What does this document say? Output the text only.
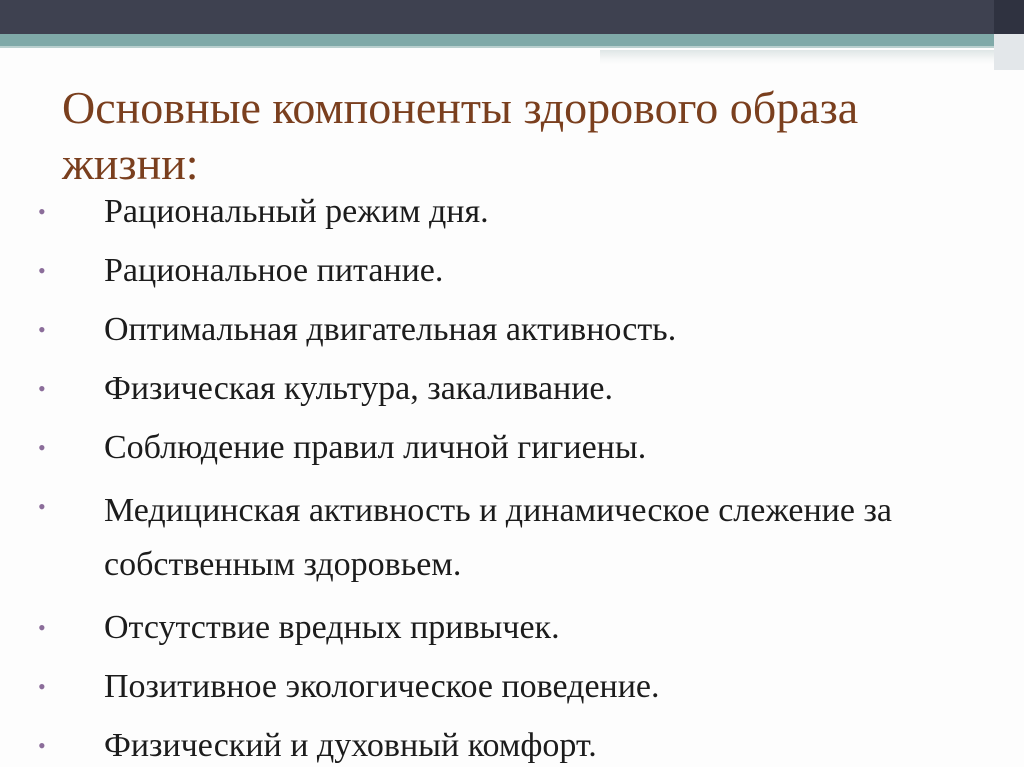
Основные компоненты здорового образа жизни:
•	Рациональный режим дня.
•	Рациональное питание.
•	Оптимальная двигательная активность.
•	Физическая культура, закаливание.
•	Соблюдение правил личной гигиены.
•	Медицинская активность и динамическое слежение за собственным здоровьем.
•	Отсутствие вредных привычек.
•	Позитивное экологическое поведение.
•	Физический и духовный комфорт.
